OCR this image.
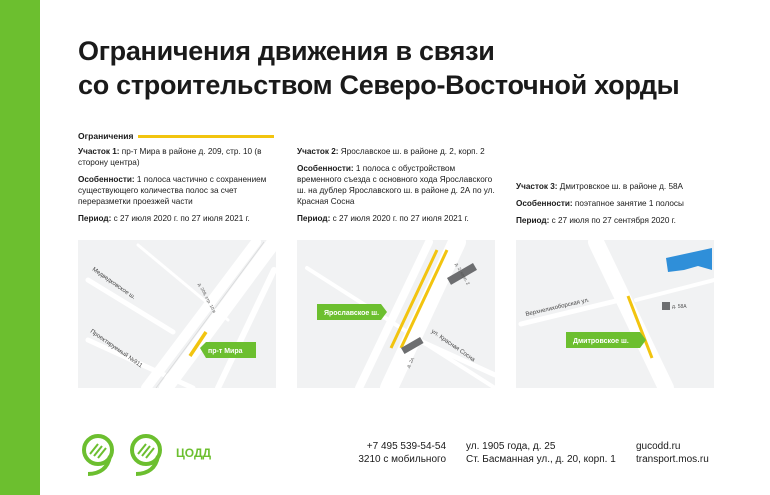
Ограничения движения в связи
со строительством Северо-Восточной хорды
Ограничения

Участок 1: пр-т Мира в районе д. 209, стр. 10 (в сторону центра)

Особенности: 1 полоса частично с сохранением существующего количества полос за счет переразметки проезжей части

Период: с 27 июля 2020 г. по 27 июля 2021 г.

Участок 2: Ярославское ш. в районе д. 2, корп. 2

Особенности: 1 полоса с обустройством временного съезда с основного хода Ярославского ш. на дублер Ярославского ш. в районе д. 2А по ул. Красная Сосна

Период: с 27 июля 2020 г. по 27 июля 2021 г.

Участок 3: Дмитровское ш. в районе д. 58А

Особенности: поэтапное занятие 1 полосы

Период: с 27 июля по 27 сентября 2020 г.

Медведковское ш.
Проектируемый №911
д. 209, стр. 10 в
пр-т Мира
д. 2, корп. 2
д. 2А ул. Красная Сосна
Ярославское ш.	Верхнелихоборская ул.	д. 58А
Дмитровское ш.
ЦОДД	+7 495 539-54-54
3210 с мобильного
ул. 1905 года, д. 25
Ст. Басманная ул., д. 20, корп. 1
gucodd.ru
transport.mos.ru
